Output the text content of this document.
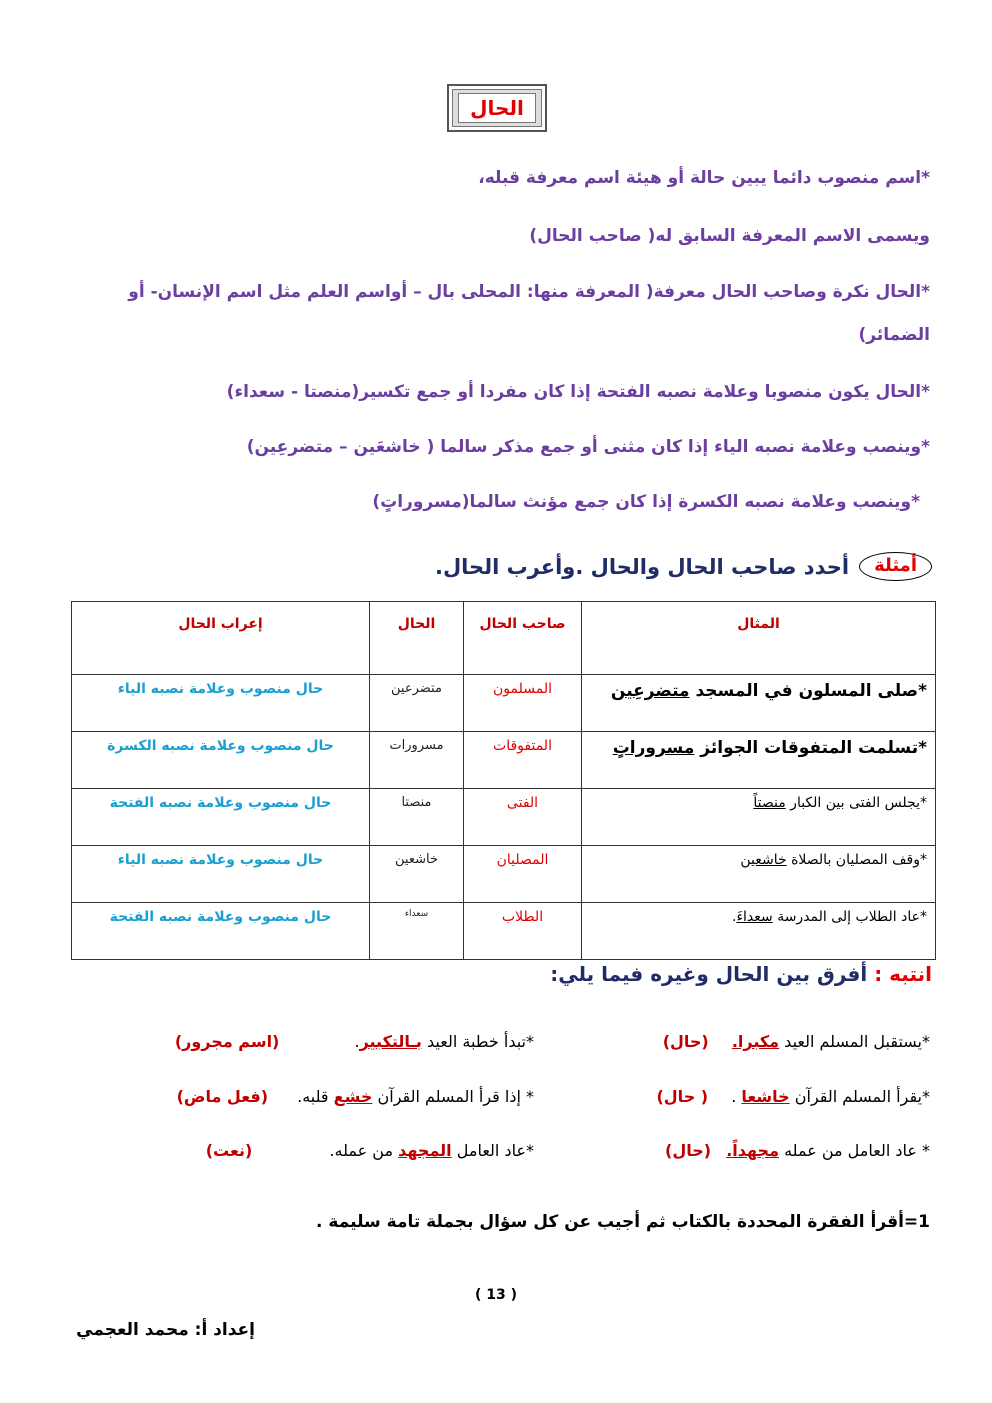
الحال
*اسم منصوب دائما يبين حالة أو هيئة اسم معرفة قبله،
ويسمى الاسم المعرفة السابق له( صاحب الحال)
*الحال نكرة وصاحب الحال معرفة( المعرفة منها: المحلى بال – أواسم العلم مثل اسم الإنسان- أو
الضمائر)
*الحال يكون منصوبا وعلامة نصبه الفتحة إذا كان مفردا أو جمع تكسير(منصتا - سعداء)
*وينصب وعلامة نصبه الياء إذا كان مثنى أو جمع مذكر سالما ( خاشعَين – متضرعِين)
*وينصب وعلامة نصبه الكسرة إذا كان جمع مؤنث سالما(مسروراتٍ)
أمثلة
أحدد صاحب الحال والحال .وأعرب الحال.
المثال	صاحب الحال	الحال	إعراب الحال
*صلى المسلون في المسجد متضرعِين	المسلمون	متضرعين	حال منصوب وعلامة نصبه الياء
*تسلمت المتفوقات الجوائز مسروراتٍ	المتفوقات	مسرورات	حال منصوب وعلامة نصبه الكسرة
*يجلس الفتى بين الكبار منصتاً	الفتى	منصتا	حال منصوب وعلامة نصبه الفتحة
*وقف المصليان بالصلاة خاشعين	المصليان	خاشعين	حال منصوب وعلامة نصبه الياء
*عاد الطلاب إلى المدرسة سعداءَ.	الطلاب	سعداء	حال منصوب وعلامة نصبه الفتحة
انتبه : أفرق بين الحال وغيره فيما يلي:
*يستقبل المسلم العيد مكبرا. (حال)
*تبدأ خطبة العيد بـالتكبير. (اسم مجرور)
*يقرأ المسلم القرآن خاشعا . ( حال)
* إذا قرأ المسلم القرآن خشع قلبه. (فعل ماض)
* عاد العامل من عمله مجهداً. (حال)
*عاد العامل المجهد من عمله. (نعت)
1=أقرأ الفقرة المحددة بالكتاب ثم أجيب عن كل سؤال بجملة تامة سليمة .
( 13 )
إعداد أ: محمد العجمي
